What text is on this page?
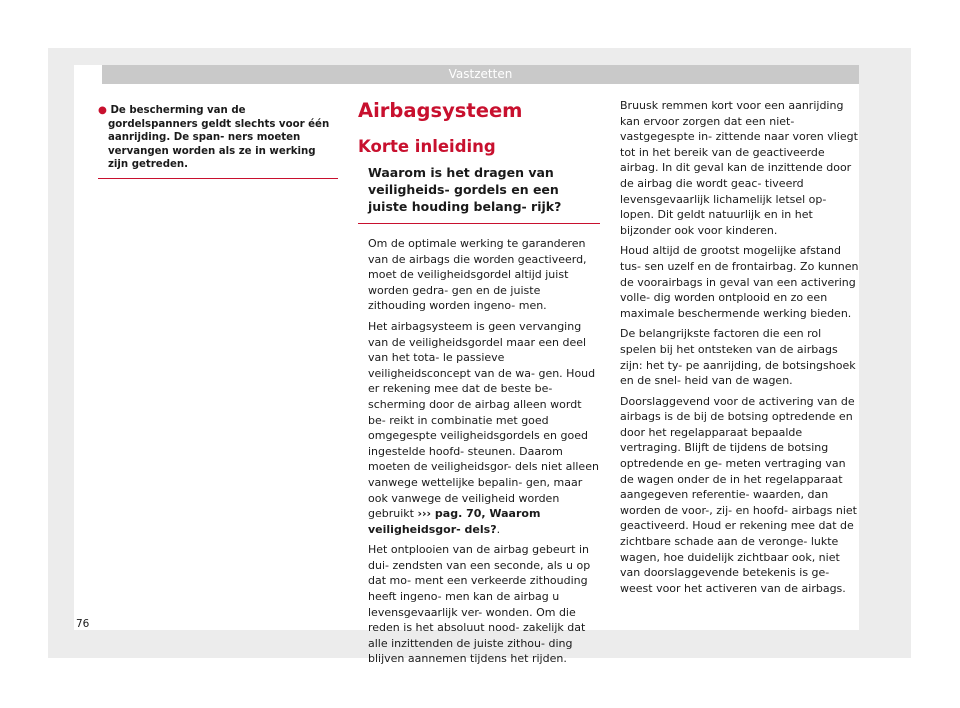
Vastzetten

● De bescherming van de gordelspanners geldt slechts voor één aanrijding. De span- ners moeten vervangen worden als ze in werking zijn getreden.

Airbagsysteem
Korte inleiding
Waarom is het dragen van veiligheids- gordels en een juiste houding belang- rijk?

Om de optimale werking te garanderen van de airbags die worden geactiveerd, moet de veiligheidsgordel altijd juist worden gedra- gen en de juiste zithouding worden ingeno- men.

Het airbagsysteem is geen vervanging van de veiligheidsgordel maar een deel van het tota- le passieve veiligheidsconcept van de wa- gen. Houd er rekening mee dat de beste be- scherming door de airbag alleen wordt be- reikt in combinatie met goed omgegespte veiligheidsgordels en goed ingestelde hoofd- steunen. Daarom moeten de veiligheidsgor- dels niet alleen vanwege wettelijke bepalin- gen, maar ook vanwege de veiligheid worden gebruikt ››› pag. 70, Waarom veiligheidsgor- dels?.

Het ontplooien van de airbag gebeurt in dui- zendsten van een seconde, als u op dat mo- ment een verkeerde zithouding heeft ingeno- men kan de airbag u levensgevaarlijk ver- wonden. Om die reden is het absoluut nood- zakelijk dat alle inzittenden de juiste zithou- ding blijven aannemen tijdens het rijden.

Bruusk remmen kort voor een aanrijding kan ervoor zorgen dat een niet-vastgegespte in- zittende naar voren vliegt tot in het bereik van de geactiveerde airbag. In dit geval kan de inzittende door de airbag die wordt geac- tiveerd levensgevaarlijk lichamelijk letsel op- lopen. Dit geldt natuurlijk en in het bijzonder ook voor kinderen.

Houd altijd de grootst mogelijke afstand tus- sen uzelf en de frontairbag. Zo kunnen de voorairbags in geval van een activering volle- dig worden ontplooid en zo een maximale beschermende werking bieden.

De belangrijkste factoren die een rol spelen bij het ontsteken van de airbags zijn: het ty- pe aanrijding, de botsingshoek en de snel- heid van de wagen.

Doorslaggevend voor de activering van de airbags is de bij de botsing optredende en door het regelapparaat bepaalde vertraging. Blijft de tijdens de botsing optredende en ge- meten vertraging van de wagen onder de in het regelapparaat aangegeven referentie- waarden, dan worden de voor-, zij- en hoofd- airbags niet geactiveerd. Houd er rekening mee dat de zichtbare schade aan de veronge- lukte wagen, hoe duidelijk zichtbaar ook, niet van doorslaggevende betekenis is ge- weest voor het activeren van de airbags.

76
